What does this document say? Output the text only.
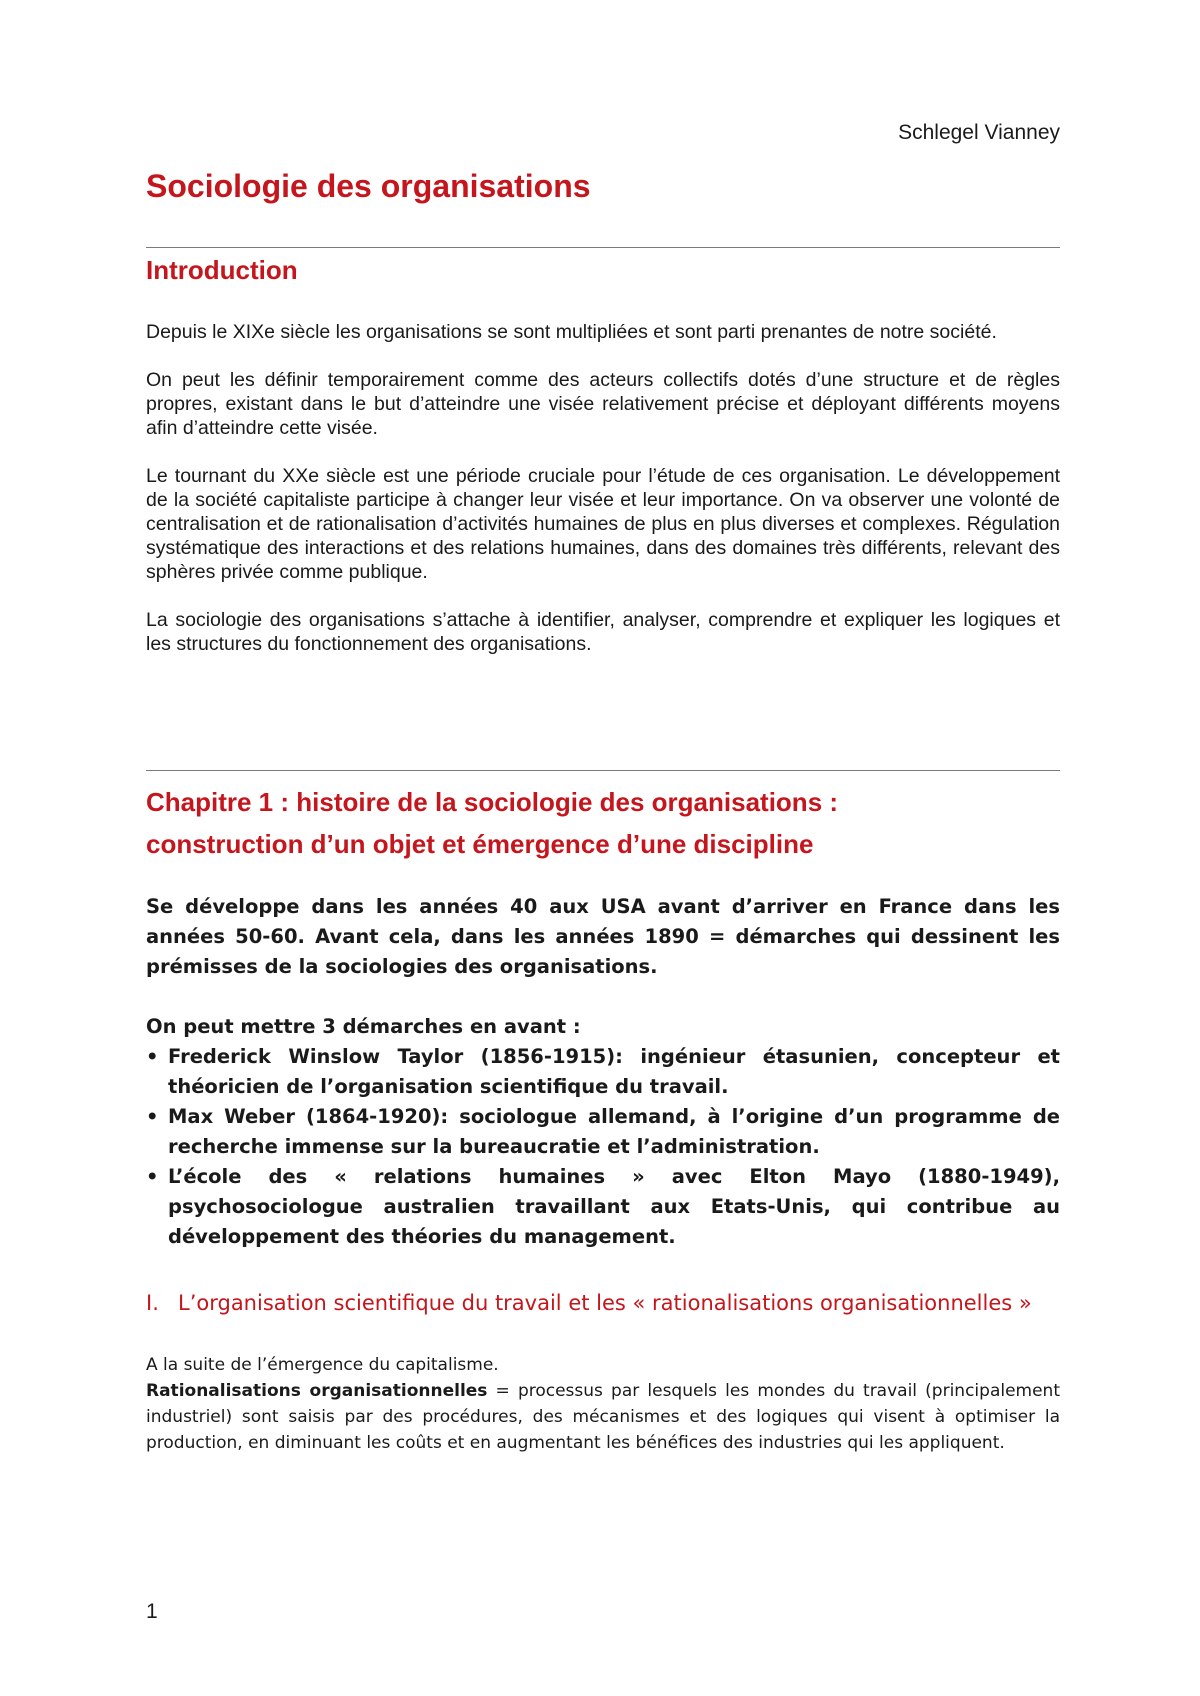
Schlegel Vianney
Sociologie des organisations
Introduction

Depuis le XIXe siècle les organisations se sont multipliées et sont parti prenantes de notre société.

On peut les définir temporairement comme des acteurs collectifs dotés d’une structure et de règles propres, existant dans le but d’atteindre une visée relativement précise et déployant différents moyens afin d’atteindre cette visée.

Le tournant du XXe siècle est une période cruciale pour l’étude de ces organisation. Le développement de la société capitaliste participe à changer leur visée et leur importance. On va observer une volonté de centralisation et de rationalisation d’activités humaines de plus en plus diverses et complexes. Régulation systématique des interactions et des relations humaines, dans des domaines très différents, relevant des sphères privée comme publique.

La sociologie des organisations s’attache à identifier, analyser, comprendre et expliquer les logiques et les structures du fonctionnement des organisations.

Chapitre 1 : histoire de la sociologie des organisations :
construction d’un objet et émergence d’une discipline

Se développe dans les années 40 aux USA avant d’arriver en France dans les années 50-60. Avant cela, dans les années 1890 = démarches qui dessinent les prémisses de la sociologies des organisations.

On peut mettre 3 démarches en avant :

• Frederick Winslow Taylor (1856-1915): ingénieur étasunien, concepteur et théoricien de l’organisation scientifique du travail.
• Max Weber (1864-1920): sociologue allemand, à l’origine d’un programme de recherche immense sur la bureaucratie et l’administration.
• L’école des « relations humaines » avec Elton Mayo (1880-1949), psychosociologue australien travaillant aux Etats-Unis, qui contribue au développement des théories du management.
I. L’organisation scientifique du travail et les « rationalisations organisationnelles »

A la suite de l’émergence du capitalisme.

Rationalisations organisationnelles = processus par lesquels les mondes du travail (principalement industriel) sont saisis par des procédures, des mécanismes et des logiques qui visent à optimiser la production, en diminuant les coûts et en augmentant les bénéfices des industries qui les appliquent.

1
